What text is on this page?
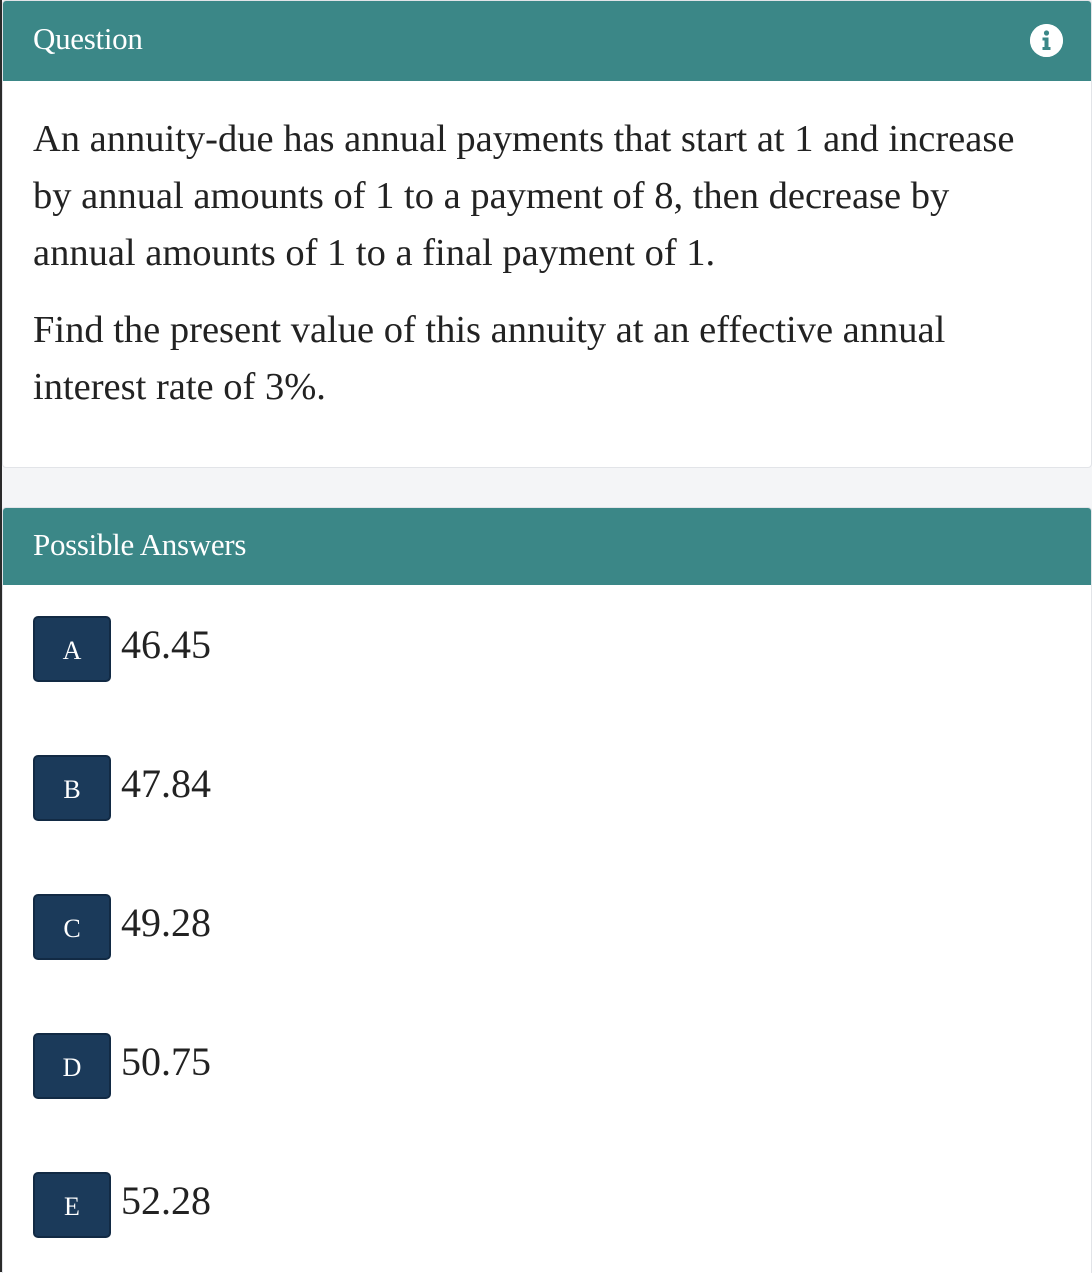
Question

An annuity-due has annual payments that start at 1 and increase by annual amounts of 1 to a payment of 8, then decrease by annual amounts of 1 to a final payment of 1.

Find the present value of this annuity at an effective annual interest rate of 3%.

Possible Answers
A 46.45
B	47.84
C	49.28
D 50.75
E	52.28
